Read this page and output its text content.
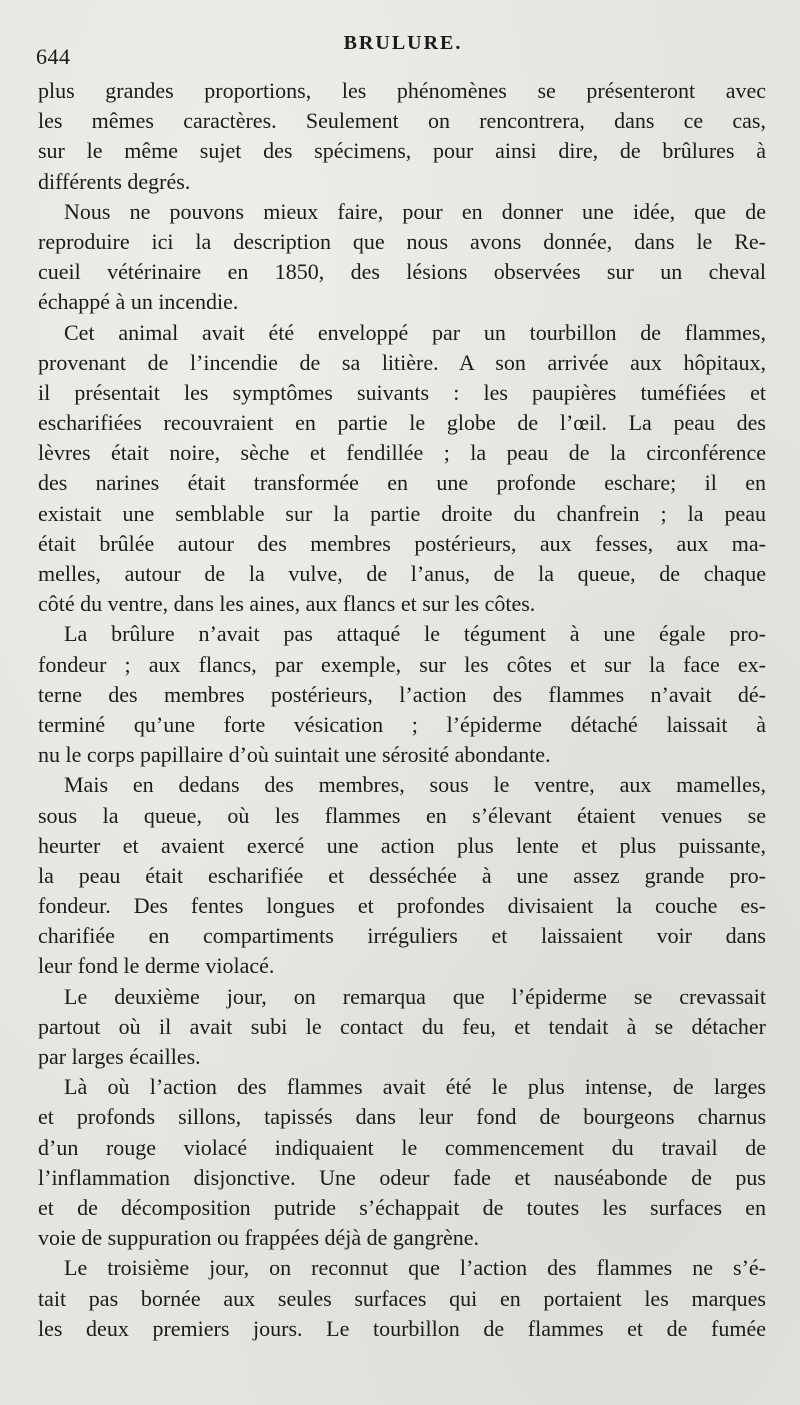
644
BRULURE.
plus grandes proportions, les phénomènes se présenteront avec
les mêmes caractères. Seulement on rencontrera, dans ce cas,
sur le même sujet des spécimens, pour ainsi dire, de brûlures à
différents degrés.
Nous ne pouvons mieux faire, pour en donner une idée, que de
reproduire ici la description que nous avons donnée, dans le Re-
cueil vétérinaire en 1850, des lésions observées sur un cheval
échappé à un incendie.
Cet animal avait été enveloppé par un tourbillon de flammes,
provenant de l’incendie de sa litière. A son arrivée aux hôpitaux,
il présentait les symptômes suivants : les paupières tuméfiées et
escharifiées recouvraient en partie le globe de l’œil. La peau des
lèvres était noire, sèche et fendillée ; la peau de la circonférence
des narines était transformée en une profonde eschare; il en
existait une semblable sur la partie droite du chanfrein ; la peau
était brûlée autour des membres postérieurs, aux fesses, aux ma-
melles, autour de la vulve, de l’anus, de la queue, de chaque
côté du ventre, dans les aines, aux flancs et sur les côtes.
La brûlure n’avait pas attaqué le tégument à une égale pro-
fondeur ; aux flancs, par exemple, sur les côtes et sur la face ex-
terne des membres postérieurs, l’action des flammes n’avait dé-
terminé qu’une forte vésication ; l’épiderme détaché laissait à
nu le corps papillaire d’où suintait une sérosité abondante.
Mais en dedans des membres, sous le ventre, aux mamelles,
sous la queue, où les flammes en s’élevant étaient venues se
heurter et avaient exercé une action plus lente et plus puissante,
la peau était escharifiée et desséchée à une assez grande pro-
fondeur. Des fentes longues et profondes divisaient la couche es-
charifiée en compartiments irréguliers et laissaient voir dans
leur fond le derme violacé.
Le deuxième jour, on remarqua que l’épiderme se crevassait
partout où il avait subi le contact du feu, et tendait à se détacher
par larges écailles.
Là où l’action des flammes avait été le plus intense, de larges
et profonds sillons, tapissés dans leur fond de bourgeons charnus
d’un rouge violacé indiquaient le commencement du travail de
l’inflammation disjonctive. Une odeur fade et nauséabonde de pus
et de décomposition putride s’échappait de toutes les surfaces en
voie de suppuration ou frappées déjà de gangrène.
Le troisième jour, on reconnut que l’action des flammes ne s’é-
tait pas bornée aux seules surfaces qui en portaient les marques
les deux premiers jours. Le tourbillon de flammes et de fumée
